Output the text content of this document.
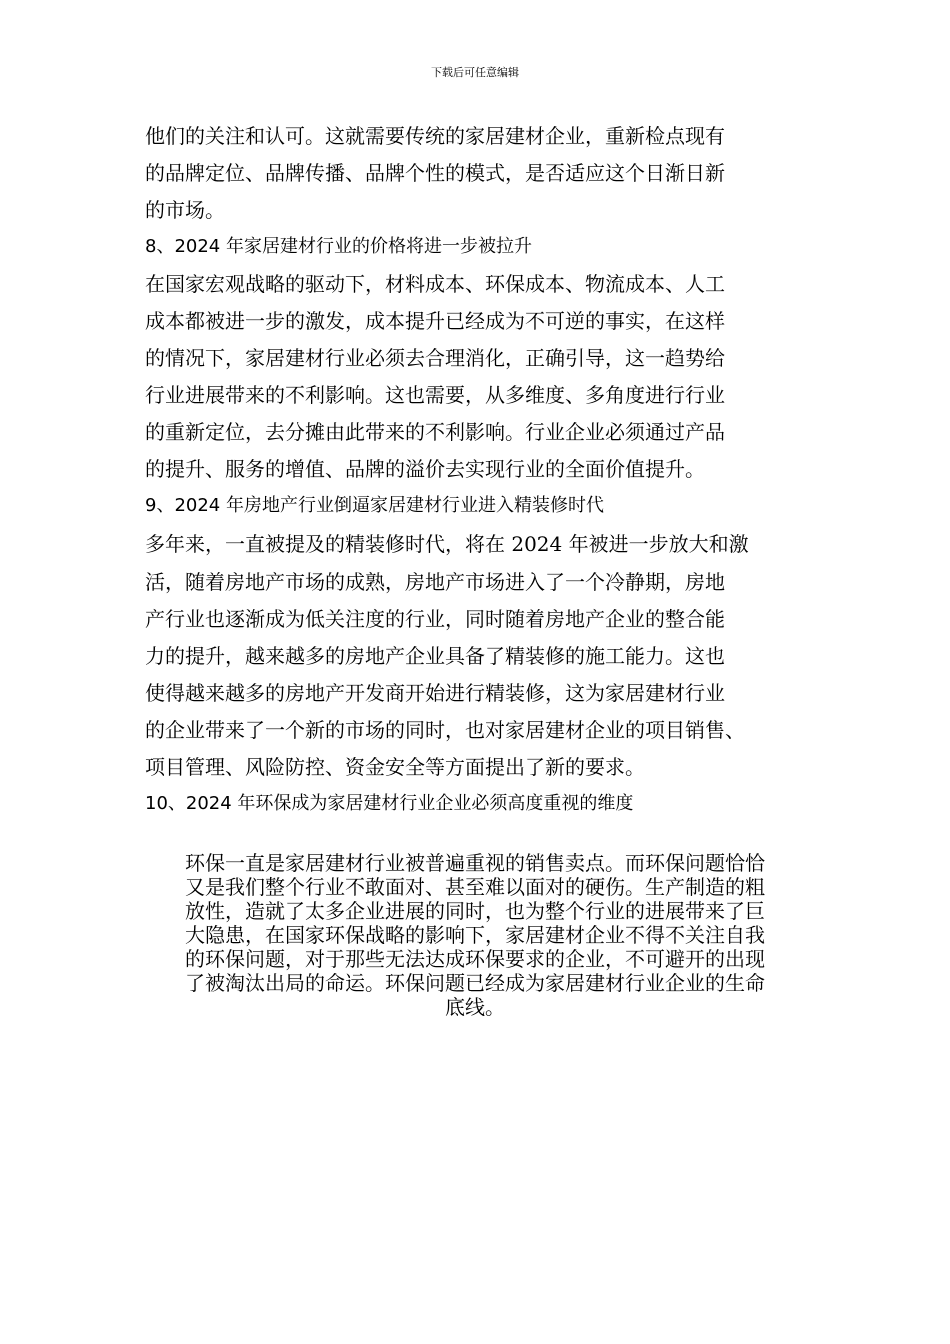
下载后可任意编辑
他们的关注和认可。这就需要传统的家居建材企业，重新检点现有
的品牌定位、品牌传播、品牌个性的模式，是否适应这个日渐日新
的市场。
8、2024 年家居建材行业的价格将进一步被拉升
在国家宏观战略的驱动下，材料成本、环保成本、物流成本、人工
成本都被进一步的激发，成本提升已经成为不可逆的事实，在这样
的情况下，家居建材行业必须去合理消化，正确引导，这一趋势给
行业进展带来的不利影响。这也需要，从多维度、多角度进行行业
的重新定位，去分摊由此带来的不利影响。行业企业必须通过产品
的提升、服务的增值、品牌的溢价去实现行业的全面价值提升。
9、2024 年房地产行业倒逼家居建材行业进入精装修时代
多年来，一直被提及的精装修时代，将在 2024 年被进一步放大和激
活，随着房地产市场的成熟，房地产市场进入了一个冷静期，房地
产行业也逐渐成为低关注度的行业，同时随着房地产企业的整合能
力的提升，越来越多的房地产企业具备了精装修的施工能力。这也
使得越来越多的房地产开发商开始进行精装修，这为家居建材行业
的企业带来了一个新的市场的同时，也对家居建材企业的项目销售、
项目管理、风险防控、资金安全等方面提出了新的要求。
10、2024 年环保成为家居建材行业企业必须高度重视的维度
环保一直是家居建材行业被普遍重视的销售卖点。而环保问题恰恰
又是我们整个行业不敢面对、甚至难以面对的硬伤。生产制造的粗
放性，造就了太多企业进展的同时，也为整个行业的进展带来了巨
大隐患，在国家环保战略的影响下，家居建材企业不得不关注自我
的环保问题，对于那些无法达成环保要求的企业，不可避开的出现
了被淘汰出局的命运。环保问题已经成为家居建材行业企业的生命
底线。
